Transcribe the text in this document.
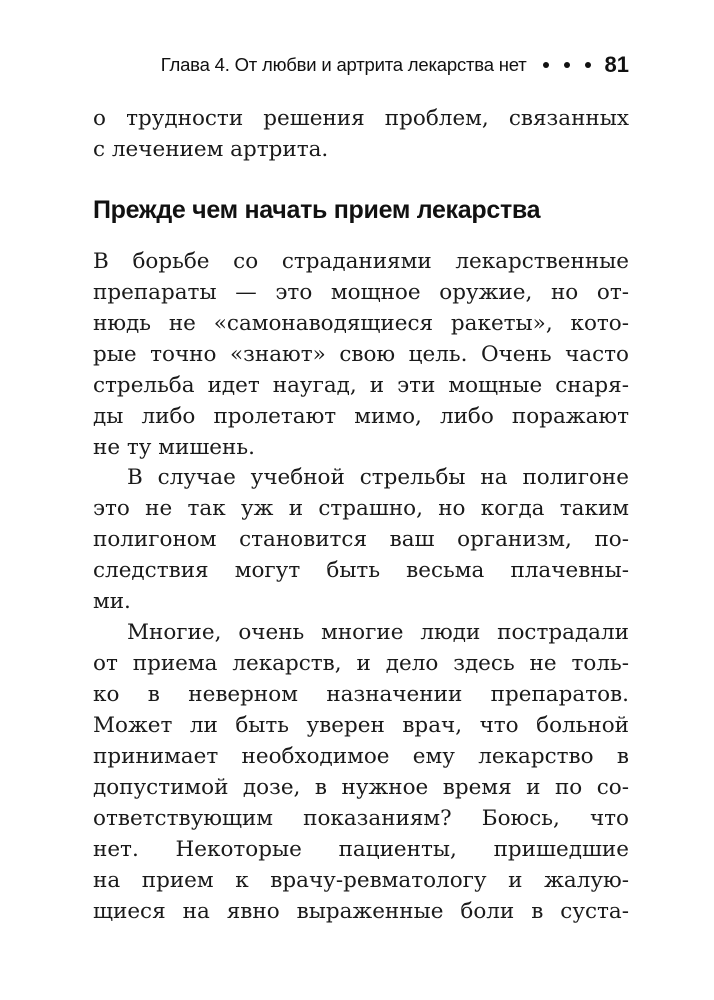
Глава 4. От любви и артрита лекарства нет	81

о трудности решения проблем, связанных
с лечением артрита.

Прежде чем начать прием лекарства

В борьбе со страданиями лекарственные
препараты — это мощное оружие, но от-
нюдь не «самонаводящиеся ракеты», кото-
рые точно «знают» свою цель. Очень часто
стрельба идет наугад, и эти мощные снаря-
ды либо пролетают мимо, либо поражают
не ту мишень.

В случае учебной стрельбы на полигоне
это не так уж и страшно, но когда таким
полигоном становится ваш организм, по-
следствия могут быть весьма плачевны-
ми.

Многие, очень многие люди пострадали
от приема лекарств, и дело здесь не толь-
ко в неверном назначении препаратов.
Может ли быть уверен врач, что больной
принимает необходимое ему лекарство в
допустимой дозе, в нужное время и по со-
ответствующим показаниям? Боюсь, что
нет. Некоторые пациенты, пришедшие
на прием к врачу-ревматологу и жалую-
щиеся на явно выраженные боли в суста-
